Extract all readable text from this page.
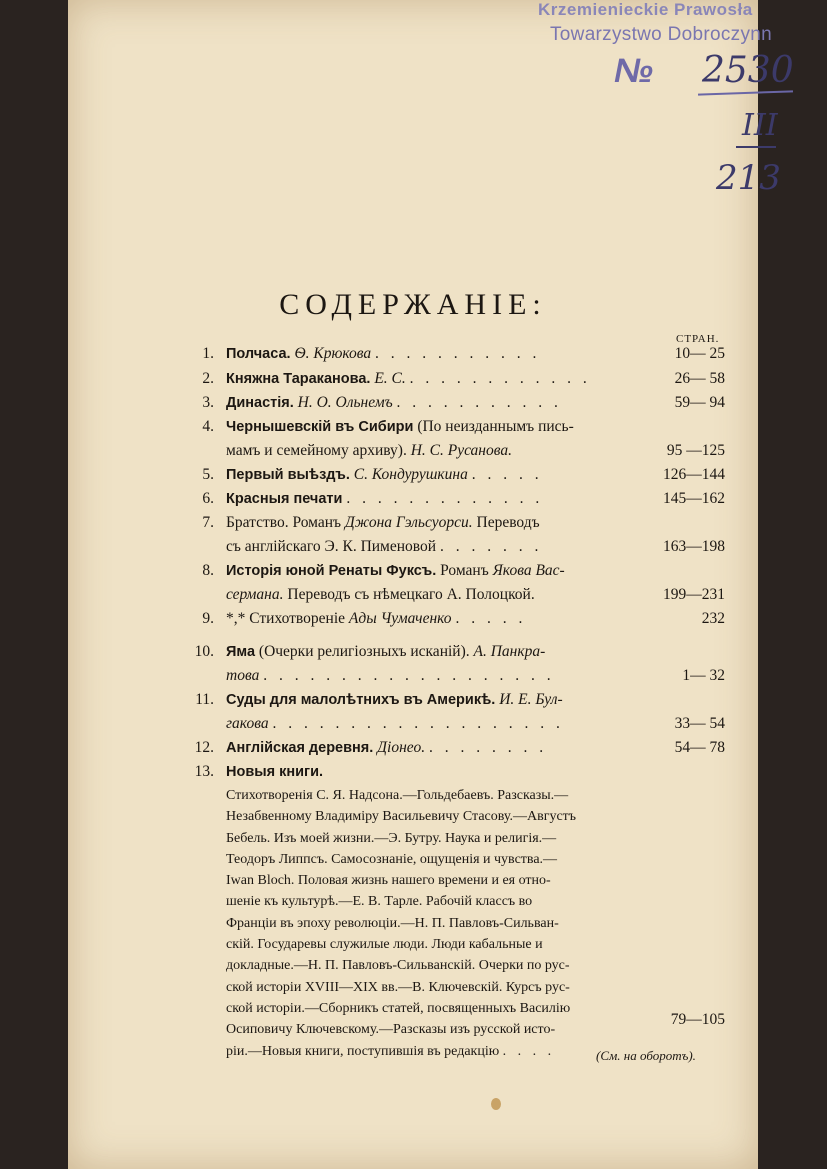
Krzemienieckie Prawosła
Towarzystwo Dobroczynn
№ 2530
III
213
СОДЕРЖАНІЕ:
СТРАН.
1. Полчаса. Ѳ. Крюкова . . . . . . . . . . .	10— 25
2. Княжна Тараканова. Е. С. . . . . . . . . . . . .	26— 58
3. Династія. Н. О. Ольнемъ . . . . . . . . . . .	59— 94
4. Чернышевскій въ Сибири (По неизданнымъ пись-
мамъ и семейному архиву). Н. С. Русанова.	95 —125
5. Первый выѣздъ. С. Кондурушкина . . . . .	126—144
6. Красныя печати . . . . . . . . . . . . .	145—162
7. Братство. Романъ Джона Гэльсуорси. Переводъ
съ англійскаго Э. К. Пименовой . . . . . . .	163—198
8. Исторія юной Ренаты Фуксъ. Романъ Якова Вас-
сермана. Переводъ съ нѣмецкаго А. Полоцкой.	199—231
9. *,* Стихотвореніе Ады Чумаченко . . . . .	232
10. Яма (Очерки религіозныхъ исканій). А. Панкра-
това . . . . . . . . . . . . . . . . . . .	1— 32
11. Суды для малолѣтнихъ въ Америкѣ. И. Е. Бул-
гакова . . . . . . . . . . . . . . . . . . .	33— 54
12. Англійская деревня. Діонео. . . . . . . . .	54— 78
13. Новыя книги.
Стихотворенія С. Я. Надсона.—Гольдебаевъ. Разсказы.—
Незабвенному Владиміру Васильевичу Стасову.—Августъ
Бебель. Изъ моей жизни.—Э. Бутру. Наука и религія.—
Теодоръ Липпсъ. Самосознаніе, ощущенія и чувства.—
Iwan Bloch. Половая жизнь нашего времени и ея отно-
шеніе къ культурѣ.—Е. В. Тарле. Рабочій классъ во
Франціи въ эпоху революціи.—Н. П. Павловъ-Сильван-
скій. Государевы служилые люди. Люди кабальные и
докладные.—Н. П. Павловъ-Сильванскій. Очерки по рус-
ской исторіи XVIII—XIX вв.—В. Ключевскій. Курсъ рус-
ской исторіи.—Сборникъ статей, посвященныхъ Василію
Осиповичу Ключевскому.—Разсказы изъ русской исто-
ріи.—Новыя книги, поступившія въ редакцію . . . .
79—105
(См. на оборотъ).
